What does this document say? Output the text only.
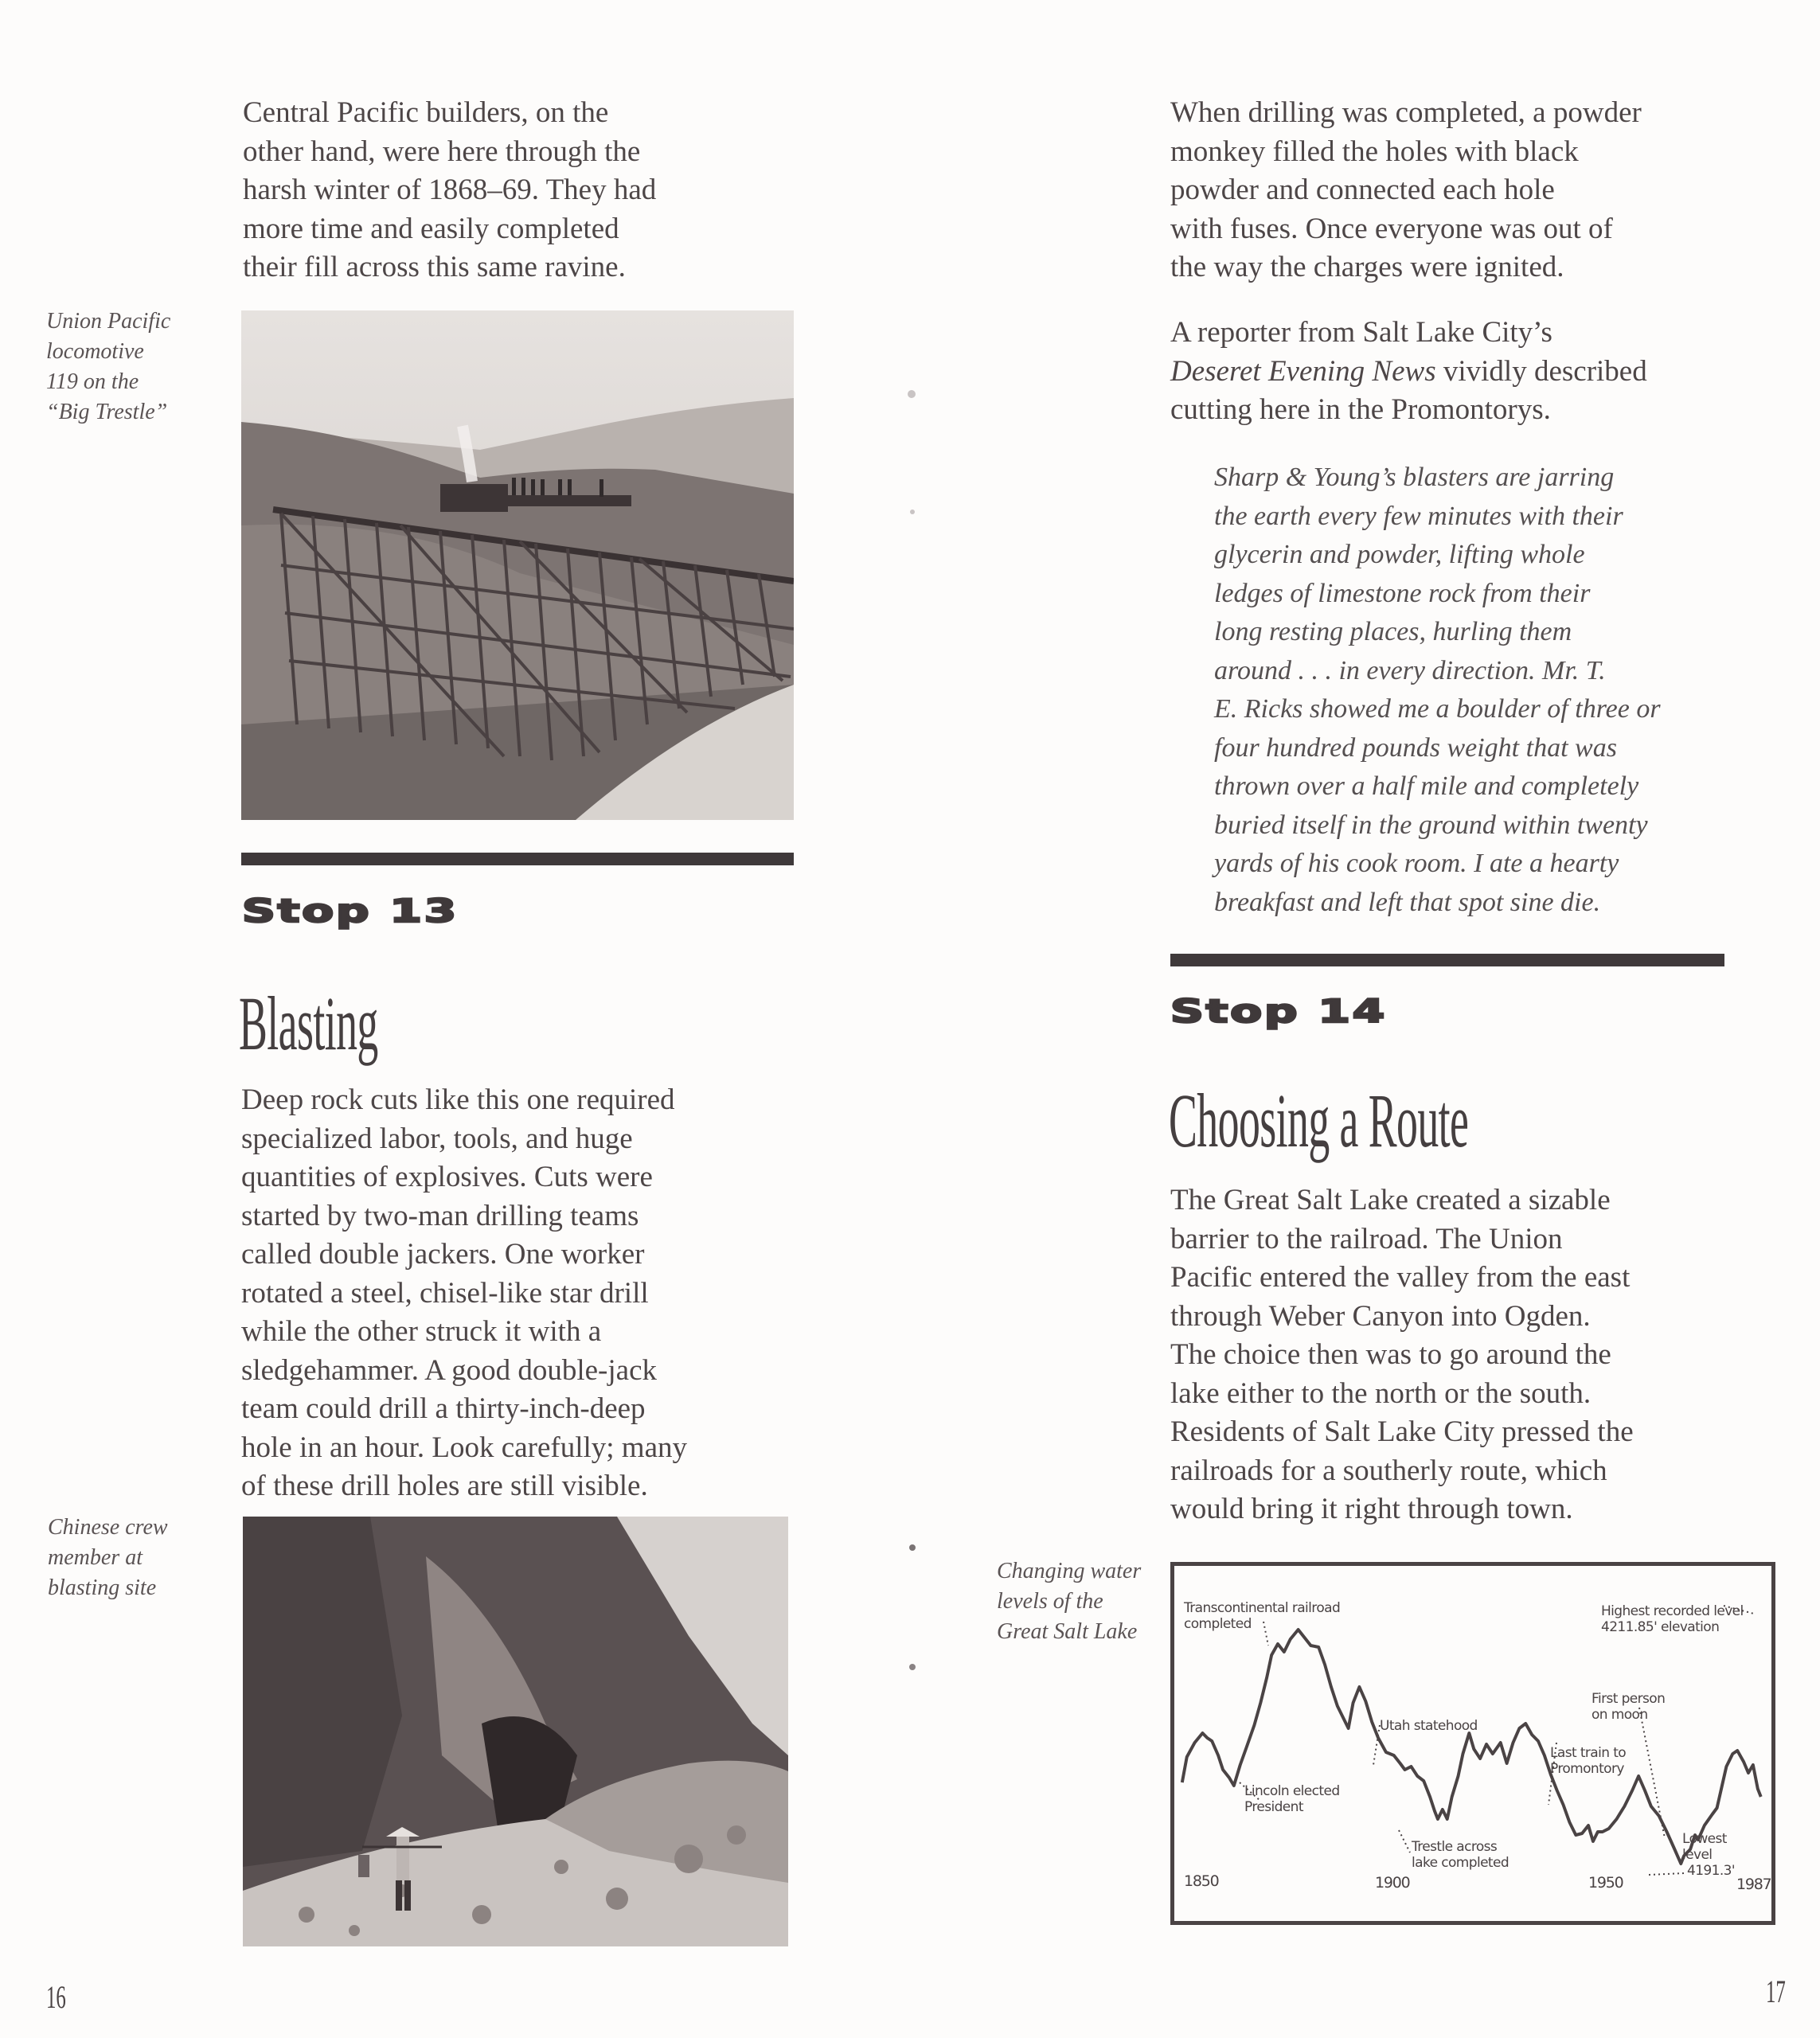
Central Pacific builders, on the

other hand, were here through the

harsh winter of 1868–69. They had

more time and easily completed

their fill across this same ravine.

Union Pacific

locomotive

119 on the

“Big Trestle”

Stop 13
Blasting

Deep rock cuts like this one required

specialized labor, tools, and huge

quantities of explosives. Cuts were

started by two-man drilling teams

called double jackers. One worker

rotated a steel, chisel-like star drill

while the other struck it with a

sledgehammer. A good double-jack

team could drill a thirty-inch-deep

hole in an hour. Look carefully; many

of these drill holes are still visible.

Chinese crew

member at

blasting site

16

When drilling was completed, a powder

monkey filled the holes with black

powder and connected each hole

with fuses. Once everyone was out of

the way the charges were ignited.

A reporter from Salt Lake City’s

Deseret Evening News vividly described

cutting here in the Promontorys.

Sharp & Young’s blasters are jarring

the earth every few minutes with their

glycerin and powder, lifting whole

ledges of limestone rock from their

long resting places, hurling them

around . . . in every direction. Mr. T.

E. Ricks showed me a boulder of three or

four hundred pounds weight that was

thrown over a half mile and completely

buried itself in the ground within twenty

yards of his cook room. I ate a hearty

breakfast and left that spot sine die.

Stop 14
Choosing a Route

The Great Salt Lake created a sizable

barrier to the railroad. The Union

Pacific entered the valley from the east

through Weber Canyon into Ogden.

The choice then was to go around the

lake either to the north or the south.

Residents of Salt Lake City pressed the

railroads for a southerly route, which

would bring it right through town.

Changing water

levels of the

Great Salt Lake

Transcontinental railroad
completed
Lincoln elected
President
Utah statehood
Trestle across
lake completed
Last train to
Promontory
First person
on moon
Lowest
level
4191.3'
Highest recorded level
4211.85' elevation
1850	1900	1950	1987
17
